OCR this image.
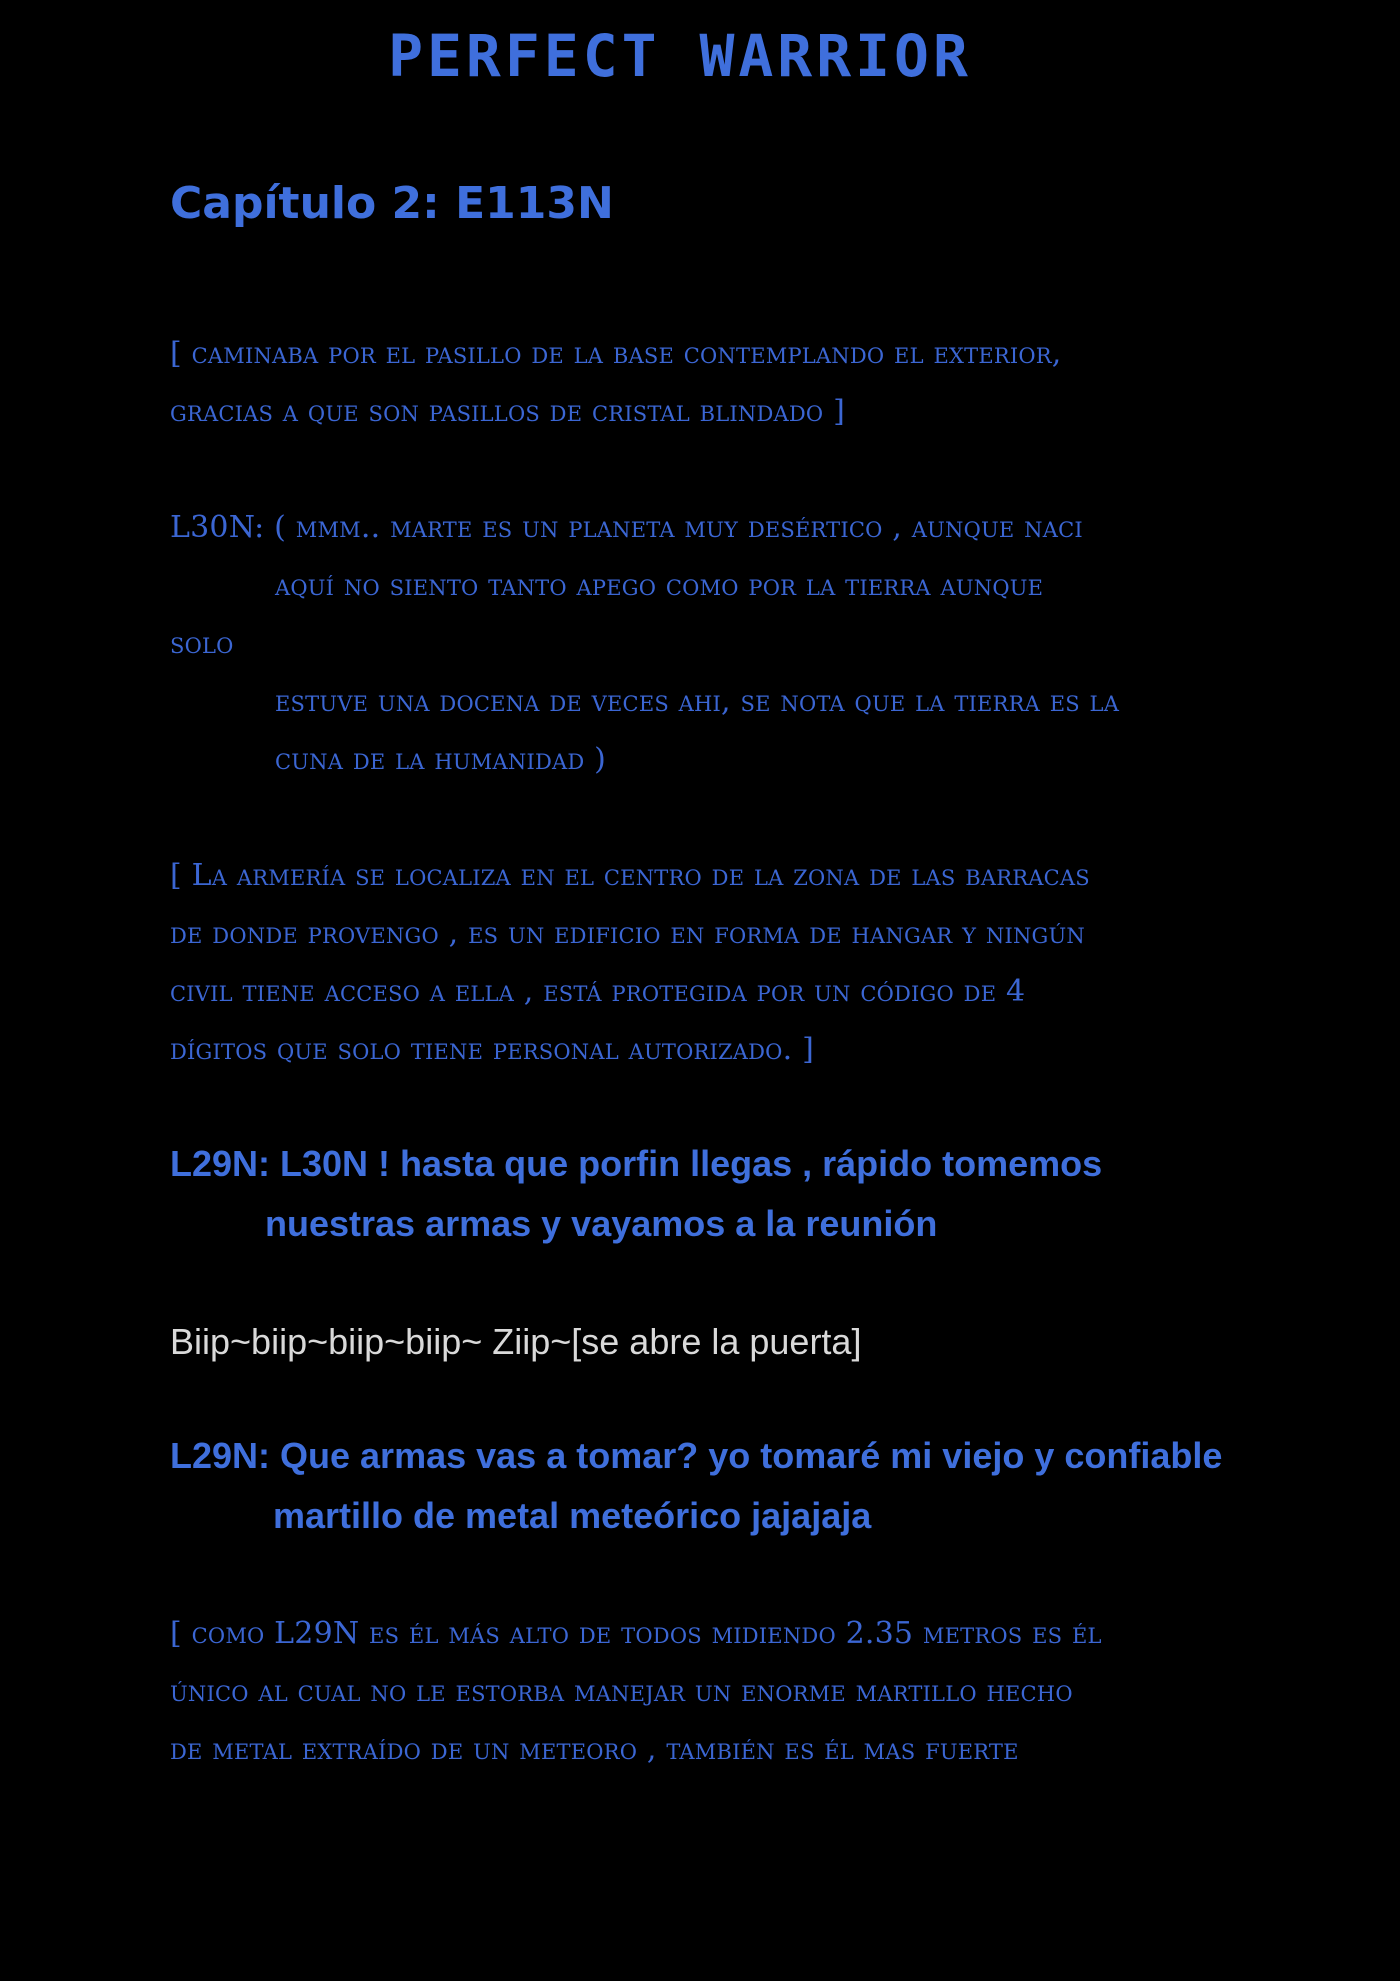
PERFECT WARRIOR
Capítulo 2: E113N
[ caminaba por el pasillo de la base contemplando el exterior,
gracias a que son pasillos de cristal blindado ]
L30N: ( mmm.. marte es un planeta muy desértico , aunque naci
aquí no siento tanto apego como por la tierra aunque
solo
estuve una docena de veces ahi, se nota que la tierra es la
cuna de la humanidad )
[ La armería se localiza en el centro de la zona de las barracas
de donde provengo , es un edificio en forma de hangar y ningún
civil tiene acceso a ella , está protegida por un código de 4
dígitos que solo tiene personal autorizado. ]
L29N: L30N ! hasta que porfin llegas , rápido tomemos
nuestras armas y vayamos a la reunión
Biip~biip~biip~biip~ Ziip~[se abre la puerta]
L29N: Que armas vas a tomar? yo tomaré mi viejo y confiable
martillo de metal meteórico jajajaja
[ como L29N es él más alto de todos midiendo 2.35 metros es él
único al cual no le estorba manejar un enorme martillo hecho
de metal extraído de un meteoro , también es él mas fuerte
